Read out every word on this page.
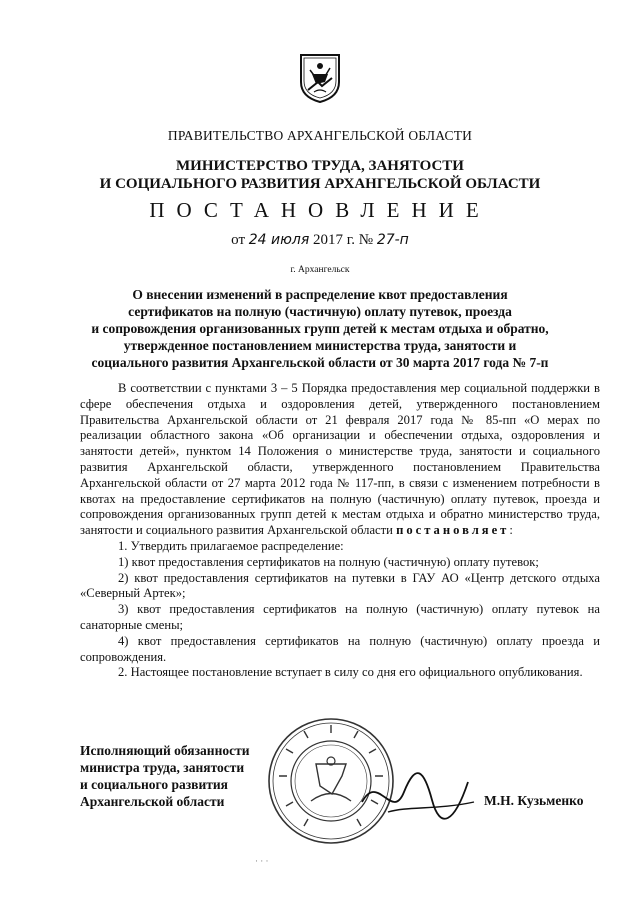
ПРАВИТЕЛЬСТВО АРХАНГЕЛЬСКОЙ ОБЛАСТИ
МИНИСТЕРСТВО ТРУДА, ЗАНЯТОСТИ
И СОЦИАЛЬНОГО РАЗВИТИЯ АРХАНГЕЛЬСКОЙ ОБЛАСТИ
ПОСТАНОВЛЕНИЕ
от 24 июля 2017 г. № 27-п
г. Архангельск
О внесении изменений в распределение квот предоставления
сертификатов на полную (частичную) оплату путевок, проезда
и сопровождения организованных групп детей к местам отдыха и обратно,
утвержденное постановлением министерства труда, занятости и
социального развития Архангельской области от 30 марта 2017 года № 7-п

В соответствии с пунктами 3 – 5 Порядка предоставления мер социальной поддержки в сфере обеспечения отдыха и оздоровления детей, утвержденного постановлением Правительства Архангельской области от 21 февраля 2017 года № 85-пп «О мерах по реализации областного закона «Об организации и обеспечении отдыха, оздоровления и занятости детей», пунктом 14 Положения о министерстве труда, занятости и социального развития Архангельской области, утвержденного постановлением Правительства Архангельской области от 27 марта 2012 года № 117-пп, в связи с изменением потребности в квотах на предоставление сертификатов на полную (частичную) оплату путевок, проезда и сопровождения организованных групп детей к местам отдыха и обратно министерство труда, занятости и социального развития Архангельской области постановляет:

1. Утвердить прилагаемое распределение:

1) квот предоставления сертификатов на полную (частичную) оплату путевок;

2) квот предоставления сертификатов на путевки в ГАУ АО «Центр детского отдыха «Северный Артек»;

3) квот предоставления сертификатов на полную (частичную) оплату путевок на санаторные смены;

4) квот предоставления сертификатов на полную (частичную) оплату проезда и сопровождения.

2. Настоящее постановление вступает в силу со дня его официального опубликования.

Исполняющий обязанности
министра труда, занятости
и социального развития
Архангельской области	М.Н. Кузьменко
· · ·
